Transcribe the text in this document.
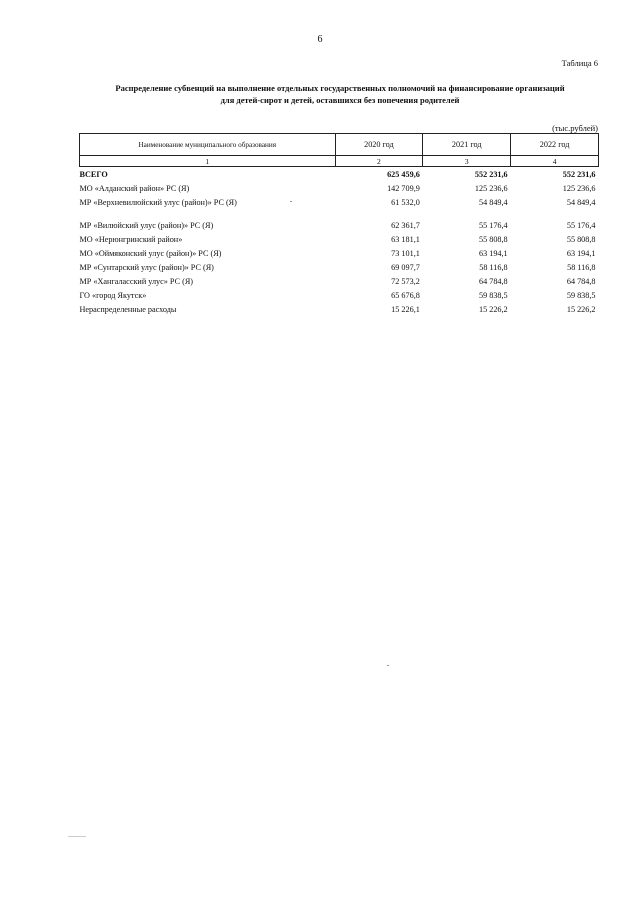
6
Таблица 6
Распределение субвенций на выполнение отдельных государственных полномочий на финансирование организаций
для детей-сирот и детей, оставшихся без попечения родителей
(тыс.рублей)
Наименование муниципального образования	2020 год	2021 год	2022 год
1	2	3	4
ВСЕГО	625 459,6	552 231,6	552 231,6
МО «Алданский район» РС (Я)	142 709,9	125 236,6	125 236,6
МР «Верхневилюйский улус (район)» РС (Я)	61 532,0	54 849,4	54 849,4

МР «Вилюйский улус (район)» РС (Я)	62 361,7	55 176,4	55 176,4
МО «Нерюнгринский район»	63 181,1	55 808,8	55 808,8
МО «Оймяконский улус (район)» РС (Я)	73 101,1	63 194,1	63 194,1
МР «Сунтарский улус (район)» РС (Я)	69 097,7	58 116,8	58 116,8
МР «Хангаласский улус» РС (Я)	72 573,2	64 784,8	64 784,8
ГО «город Якутск»	65 676,8	59 838,5	59 838,5
Нераспределенные расходы	15 226,1	15 226,2	15 226,2
